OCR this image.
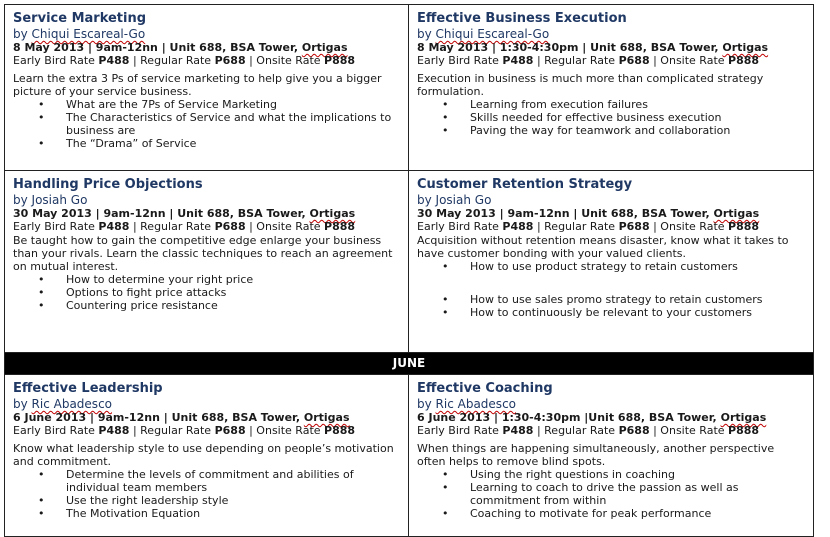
Service Marketing
by Chiqui Escareal-Go
8 May 2013 | 9am-12nn | Unit 688, BSA Tower, Ortigas
Early Bird Rate P488 | Regular Rate P688 | Onsite Rate P888
Learn the extra 3 Ps of service marketing to help give you a bigger picture of your service business.
• What are the 7Ps of Service Marketing
• The Characteristics of Service and what the implications to business are
• The “Drama” of Service
Effective Business Execution
by Chiqui Escareal-Go
8 May 2013 | 1:30-4:30pm | Unit 688, BSA Tower, Ortigas
Early Bird Rate P488 | Regular Rate P688 | Onsite Rate P888
Execution in business is much more than complicated strategy formulation.
• Learning from execution failures
• Skills needed for effective business execution
• Paving the way for teamwork and collaboration
Handling Price Objections
by Josiah Go
30 May 2013 | 9am-12nn | Unit 688, BSA Tower, Ortigas
Early Bird Rate P488 | Regular Rate P688 | Onsite Rate P888
Be taught how to gain the competitive edge enlarge your business than your rivals. Learn the classic techniques to reach an agreement on mutual interest.
• How to determine your right price
• Options to fight price attacks
• Countering price resistance
Customer Retention Strategy
by Josiah Go
30 May 2013 | 9am-12nn | Unit 688, BSA Tower, Ortigas
Early Bird Rate P488 | Regular Rate P688 | Onsite Rate P888
Acquisition without retention means disaster, know what it takes to have customer bonding with your valued clients.
• How to use product strategy to retain customers
• How to use sales promo strategy to retain customers
• How to continuously be relevant to your customers
JUNE
Effective Leadership
by Ric Abadesco
6 June 2013 | 9am-12nn | Unit 688, BSA Tower, Ortigas
Early Bird Rate P488 | Regular Rate P688 | Onsite Rate P888
Know what leadership style to use depending on people’s motivation and commitment.
• Determine the levels of commitment and abilities of individual team members
• Use the right leadership style
• The Motivation Equation
Effective Coaching
by Ric Abadesco
6 June 2013 | 1:30-4:30pm |Unit 688, BSA Tower, Ortigas
Early Bird Rate P488 | Regular Rate P688 | Onsite Rate P888
When things are happening simultaneously, another perspective often helps to remove blind spots.
• Using the right questions in coaching
• Learning to coach to drive the passion as well as commitment from within
• Coaching to motivate for peak performance
